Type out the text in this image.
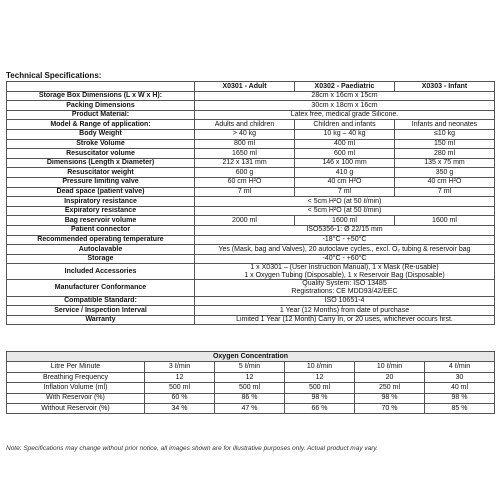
Technical Specifications:
	X0301 - Adult	X0302 - Paediatric	X0303 - Infant
Storage Box Dimensions (L x W x H):	28cm x 16cm x 15cm		
Packing Dimensions	30cm x 18cm x 16cm		
Product Material:	Latex free, medical grade Silicone.		
Model & Range of application:	Adults and children	Children and infants	Infants and neonates
Body Weight	> 40 kg	10 kg – 40 kg	≤10 kg
Stroke Volume	800 ml	400 ml	150 ml
Resuscitator volume	1650 ml	600 ml	280 ml
Dimensions (Length x Diameter)	212 x 131 mm	146 x 100 mm	135 x 75 mm
Resuscitator weight	600 g	410 g	350 g
Pressure limiting valve	60 cm H²O	40 cm H²O	40 cm H²O
Dead space (patient valve)	7 ml	7 ml	7 ml
Inspiratory resistance	< 5cm H²O (at 50 ℓ/min)		
Expiratory resistance	< 5cm H²O (at 50 ℓ/min)		
Bag reservoir volume	2000 ml	1600 ml	1600 ml
Patient connector	ISO5356-1: Ø 22/15 mm		
Recommended operating temperature	-18°C - +50°C		
Autoclavable	Yes (Mask, bag and Valves), 20 autoclave cycles., excl. O₂ tubing & reservoir bag		
Storage	-40°C - +60°C		
Included Accessories	1 x X0301 – (User Instruction Manual), 1 x Mask (Re-usable)
1 x Oxygen Tubing (Disposable), 1 x Reservoir Bag (Disposable)		

Manufacturer Conformance	Quality System: ISO 13485
Registrations: CE MDD93/42/EEC		

Compatible Standard:	ISO 10651-4		
Service / Inspection Interval	1 Year (12 Months) from date of purchase		
Warranty	Limited 1 Year (12 Month) Carry In, or 20 uses, whichever occurs first.		
Oxygen Concentration					
Litre Per Minute	3 ℓ/min	5 ℓ/min	10 ℓ/min	10 ℓ/min	4 ℓ/min
Breathing Frequency	12	12	12	20	30
Inflation Volume (ml)	500 ml	500 ml	500 ml	250 ml	40 ml
With Reservoir (%)	60 %	86 %	98 %	98 %	98 %
Without Reservoir (%)	34 %	47 %	66 %	70 %	85 %
Note: Specifications may change without prior notice, all images shown are for illustrative purposes only. Actual product may vary.
